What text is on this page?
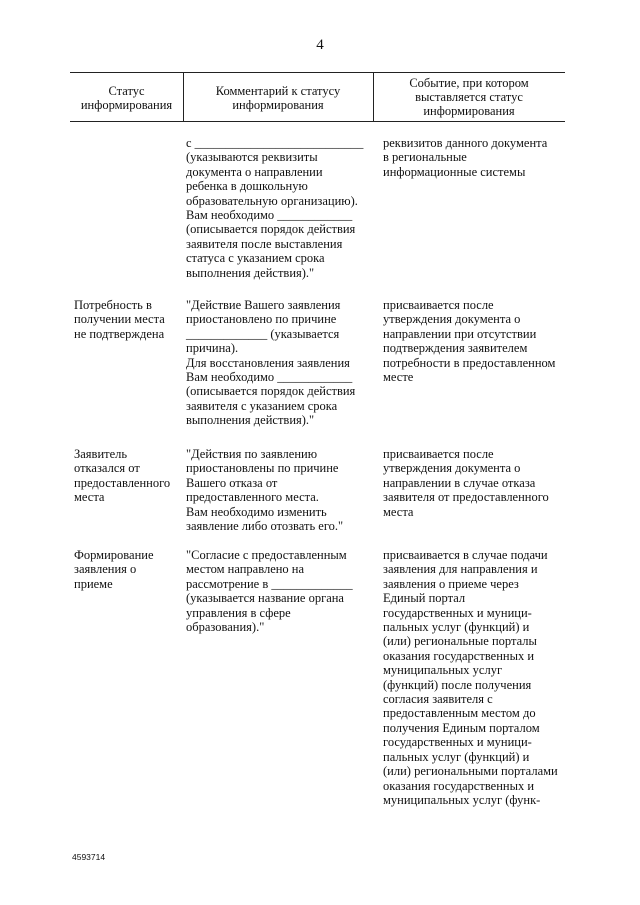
4
Статус
информирования
Комментарий к статусу
информирования
Событие, при котором
выставляется статус
информирования
с ___________________________
(указываются реквизиты
документа о направлении
ребенка в дошкольную
образовательную организацию).
Вам необходимо ____________
(описывается порядок действия
заявителя после выставления
статуса с указанием срока
выполнения действия)."
реквизитов данного документа
в региональные
информационные системы
Потребность в
получении места
не подтверждена
"Действие Вашего заявления
приостановлено по причине
_____________ (указывается
причина).
Для восстановления заявления
Вам необходимо ____________
(описывается порядок действия
заявителя с указанием срока
выполнения действия)."
присваивается после
утверждения документа о
направлении при отсутствии
подтверждения заявителем
потребности в предоставленном
месте
Заявитель
отказался от
предоставленного
места
"Действия по заявлению
приостановлены по причине
Вашего отказа от
предоставленного места.
Вам необходимо изменить
заявление либо отозвать его."
присваивается после
утверждения документа о
направлении в случае отказа
заявителя от предоставленного
места
Формирование
заявления о
приеме
"Согласие с предоставленным
местом направлено на
рассмотрение в _____________
(указывается название органа
управления в сфере
образования)."
присваивается в случае подачи
заявления для направления и
заявления о приеме через
Единый портал
государственных и муници-
пальных услуг (функций) и
(или) региональные порталы
оказания государственных и
муниципальных услуг
(функций) после получения
согласия заявителя с
предоставленным местом до
получения Единым порталом
государственных и муници-
пальных услуг (функций) и
(или) региональными порталами
оказания государственных и
муниципальных услуг (функ-
4593714
